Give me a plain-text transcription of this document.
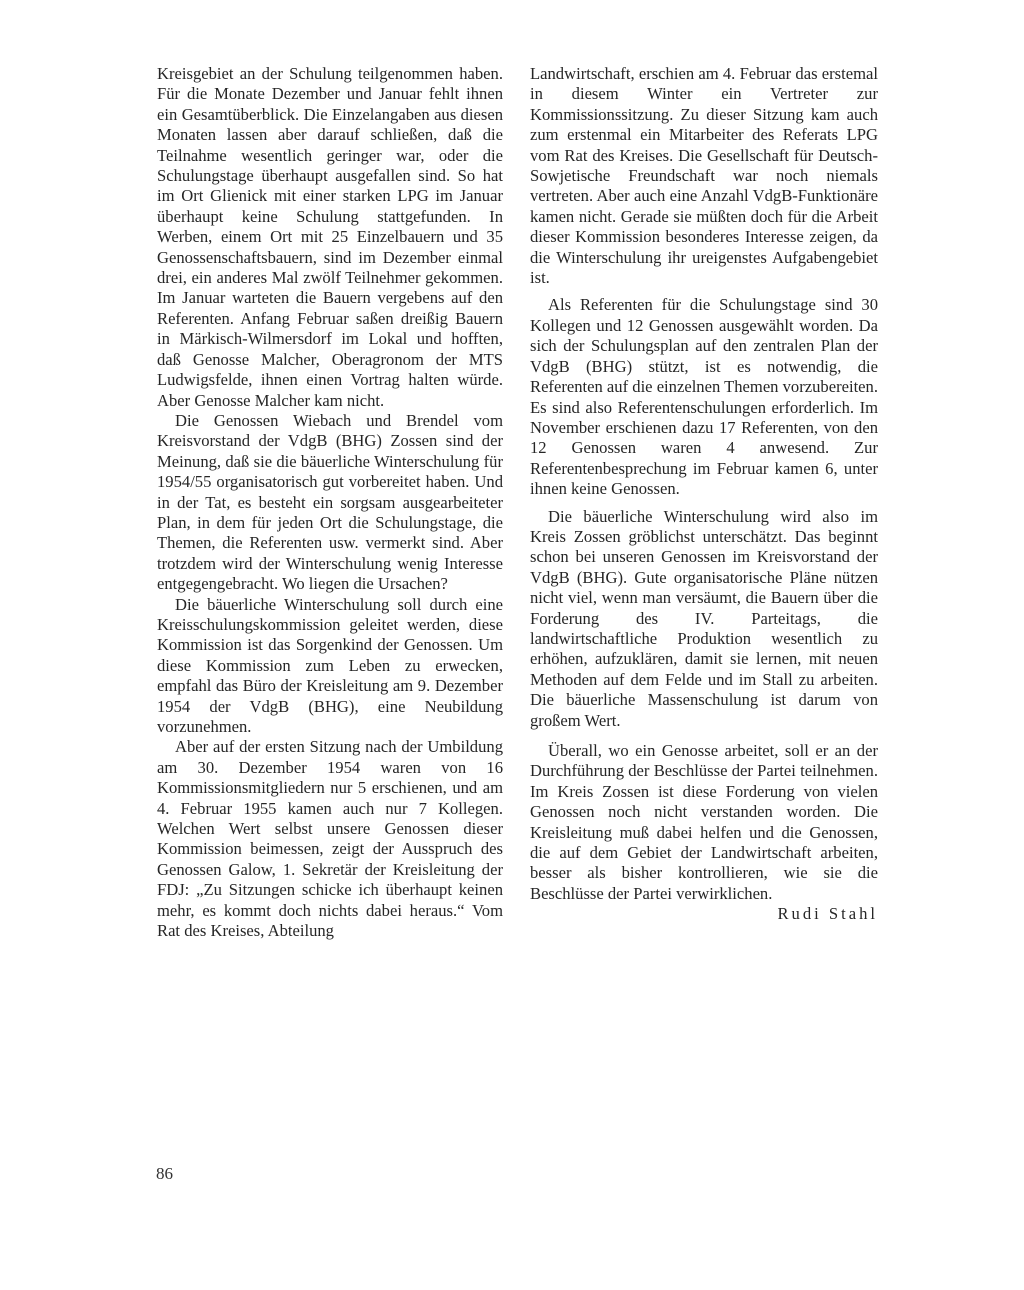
Kreisgebiet an der Schulung teilgenommen haben. Für die Monate Dezember und Januar fehlt ihnen ein Gesamtüberblick. Die Einzelangaben aus diesen Monaten lassen aber darauf schließen, daß die Teilnahme wesentlich geringer war, oder die Schulungstage überhaupt ausgefallen sind. So hat im Ort Glienick mit einer starken LPG im Januar überhaupt keine Schulung stattgefunden. In Werben, einem Ort mit 25 Einzelbauern und 35 Genossenschaftsbauern, sind im Dezember einmal drei, ein anderes Mal zwölf Teilnehmer gekommen. Im Januar warteten die Bauern vergebens auf den Referenten. Anfang Februar saßen dreißig Bauern in Märkisch-Wilmersdorf im Lokal und hofften, daß Genosse Malcher, Oberagronom der MTS Ludwigsfelde, ihnen einen Vortrag halten würde. Aber Genosse Malcher kam nicht.

Die Genossen Wiebach und Brendel vom Kreisvorstand der VdgB (BHG) Zossen sind der Meinung, daß sie die bäuerliche Winterschulung für 1954/55 organisatorisch gut vorbereitet haben. Und in der Tat, es besteht ein sorgsam ausgearbeiteter Plan, in dem für jeden Ort die Schulungstage, die Themen, die Referenten usw. vermerkt sind. Aber trotzdem wird der Winterschulung wenig Interesse entgegengebracht. Wo liegen die Ursachen?

Die bäuerliche Winterschulung soll durch eine Kreisschulungskommission geleitet werden, diese Kommission ist das Sorgenkind der Genossen. Um diese Kommission zum Leben zu erwecken, empfahl das Büro der Kreisleitung am 9. Dezember 1954 der VdgB (BHG), eine Neubildung vorzunehmen.

Aber auf der ersten Sitzung nach der Umbildung am 30. Dezember 1954 waren von 16 Kommissionsmitgliedern nur 5 erschienen, und am 4. Februar 1955 kamen auch nur 7 Kollegen. Welchen Wert selbst unsere Genossen dieser Kommission beimessen, zeigt der Ausspruch des Genossen Galow, 1. Sekretär der Kreisleitung der FDJ: „Zu Sitzungen schicke ich überhaupt keinen mehr, es kommt doch nichts dabei heraus.“ Vom Rat des Kreises, Abteilung

Landwirtschaft, erschien am 4. Februar das erstemal in diesem Winter ein Vertreter zur Kommissionssitzung. Zu dieser Sitzung kam auch zum erstenmal ein Mitarbeiter des Referats LPG vom Rat des Kreises. Die Gesellschaft für Deutsch-Sowjetische Freundschaft war noch niemals vertreten. Aber auch eine Anzahl VdgB-Funktionäre kamen nicht. Gerade sie müßten doch für die Arbeit dieser Kommission besonderes Interesse zeigen, da die Winterschulung ihr ureigenstes Aufgabengebiet ist.

Als Referenten für die Schulungstage sind 30 Kollegen und 12 Genossen ausgewählt worden. Da sich der Schulungsplan auf den zentralen Plan der VdgB (BHG) stützt, ist es notwendig, die Referenten auf die einzelnen Themen vorzubereiten. Es sind also Referentenschulungen erforderlich. Im November erschienen dazu 17 Referenten, von den 12 Genossen waren 4 anwesend. Zur Referentenbesprechung im Februar kamen 6, unter ihnen keine Genossen.

Die bäuerliche Winterschulung wird also im Kreis Zossen gröblichst unterschätzt. Das beginnt schon bei unseren Genossen im Kreisvorstand der VdgB (BHG). Gute organisatorische Pläne nützen nicht viel, wenn man versäumt, die Bauern über die Forderung des IV. Parteitags, die landwirtschaftliche Produktion wesentlich zu erhöhen, aufzuklären, damit sie lernen, mit neuen Methoden auf dem Felde und im Stall zu arbeiten. Die bäuerliche Massenschulung ist darum von großem Wert.

Überall, wo ein Genosse arbeitet, soll er an der Durchführung der Beschlüsse der Partei teilnehmen. Im Kreis Zossen ist diese Forderung von vielen Genossen noch nicht verstanden worden. Die Kreisleitung muß dabei helfen und die Genossen, die auf dem Gebiet der Landwirtschaft arbeiten, besser als bisher kontrollieren, wie sie die Beschlüsse der Partei verwirklichen.

Rudi Stahl

86
